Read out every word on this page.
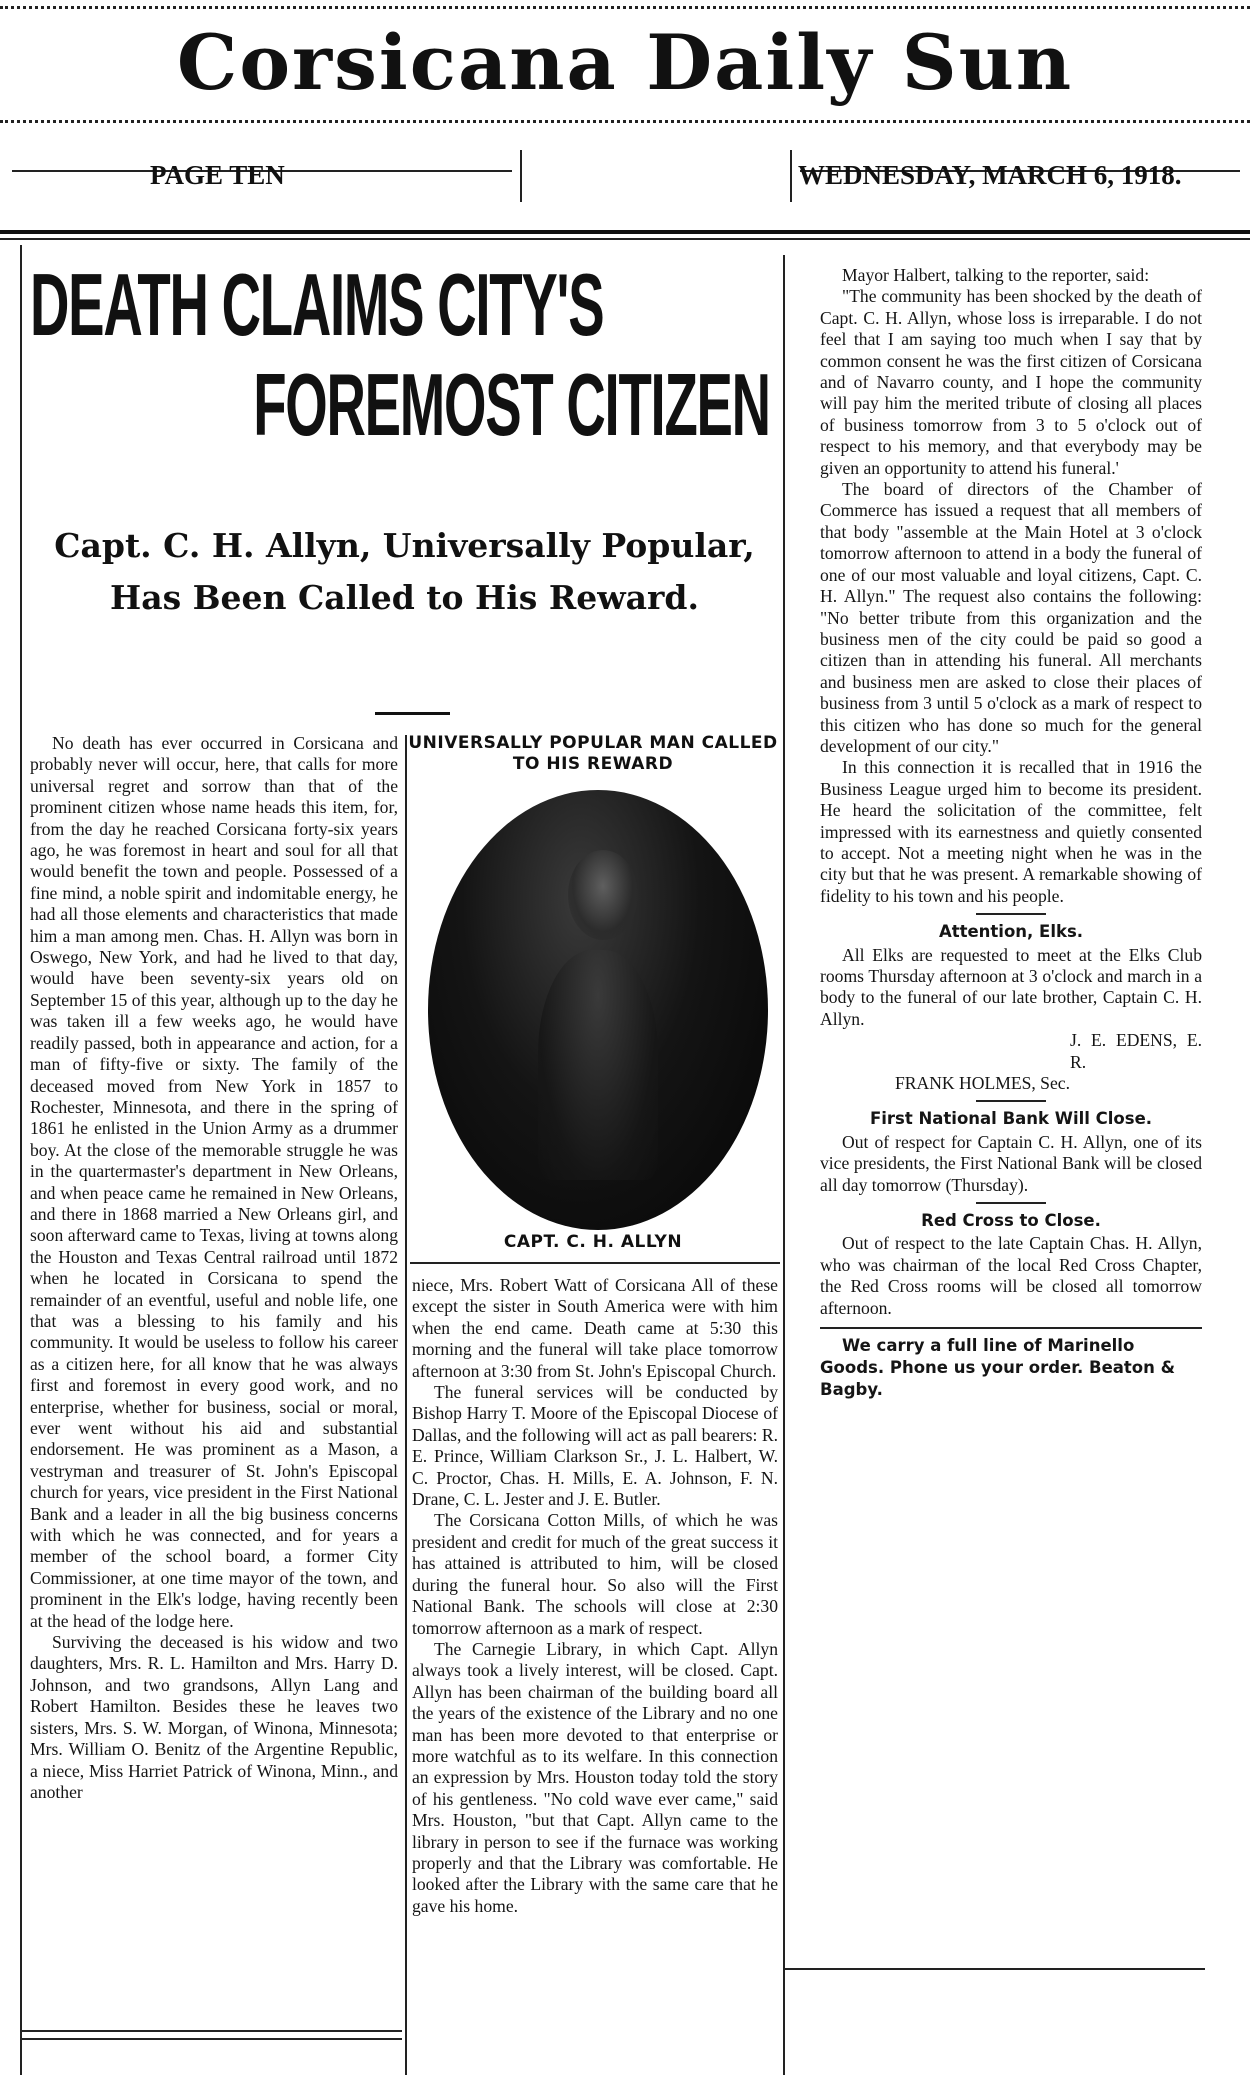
Corsicana Daily Sun
PAGE TEN	WEDNESDAY, MARCH 6, 1918.
DEATH CLAIMS CITY'S
FOREMOST CITIZEN
Capt. C. H. Allyn, Universally Popular, Has Been Called to His Reward.
UNIVERSALLY POPULAR MAN CALLED TO HIS REWARD
CAPT. C. H. ALLYN

No death has ever occurred in Corsicana and probably never will occur, here, that calls for more universal regret and sorrow than that of the prominent citizen whose name heads this item, for, from the day he reached Corsicana forty-six years ago, he was foremost in heart and soul for all that would benefit the town and people. Possessed of a fine mind, a noble spirit and indomitable energy, he had all those elements and characteristics that made him a man among men. Chas. H. Allyn was born in Oswego, New York, and had he lived to that day, would have been seventy-six years old on September 15 of this year, although up to the day he was taken ill a few weeks ago, he would have readily passed, both in appearance and action, for a man of fifty-five or sixty. The family of the deceased moved from New York in 1857 to Rochester, Minnesota, and there in the spring of 1861 he enlisted in the Union Army as a drummer boy. At the close of the memorable struggle he was in the quartermaster's department in New Orleans, and when peace came he remained in New Orleans, and there in 1868 married a New Orleans girl, and soon afterward came to Texas, living at towns along the Houston and Texas Central railroad until 1872 when he located in Corsicana to spend the remainder of an eventful, useful and noble life, one that was a blessing to his family and his community. It would be useless to follow his career as a citizen here, for all know that he was always first and foremost in every good work, and no enterprise, whether for business, social or moral, ever went without his aid and substantial endorsement. He was prominent as a Mason, a vestryman and treasurer of St. John's Episcopal church for years, vice president in the First National Bank and a leader in all the big business concerns with which he was connected, and for years a member of the school board, a former City Commissioner, at one time mayor of the town, and prominent in the Elk's lodge, having recently been at the head of the lodge here.

Surviving the deceased is his widow and two daughters, Mrs. R. L. Hamilton and Mrs. Harry D. Johnson, and two grandsons, Allyn Lang and Robert Hamilton. Besides these he leaves two sisters, Mrs. S. W. Morgan, of Winona, Minnesota; Mrs. William O. Benitz of the Argentine Republic, a niece, Miss Harriet Patrick of Winona, Minn., and another

niece, Mrs. Robert Watt of Corsicana All of these except the sister in South America were with him when the end came. Death came at 5:30 this morning and the funeral will take place tomorrow afternoon at 3:30 from St. John's Episcopal Church.

The funeral services will be conducted by Bishop Harry T. Moore of the Episcopal Diocese of Dallas, and the following will act as pall bearers: R. E. Prince, William Clarkson Sr., J. L. Halbert, W. C. Proctor, Chas. H. Mills, E. A. Johnson, F. N. Drane, C. L. Jester and J. E. Butler.

The Corsicana Cotton Mills, of which he was president and credit for much of the great success it has attained is attributed to him, will be closed during the funeral hour. So also will the First National Bank. The schools will close at 2:30 tomorrow afternoon as a mark of respect.

The Carnegie Library, in which Capt. Allyn always took a lively interest, will be closed. Capt. Allyn has been chairman of the building board all the years of the existence of the Library and no one man has been more devoted to that enterprise or more watchful as to its welfare. In this connection an expression by Mrs. Houston today told the story of his gentleness. "No cold wave ever came," said Mrs. Houston, "but that Capt. Allyn came to the library in person to see if the furnace was working properly and that the Library was comfortable. He looked after the Library with the same care that he gave his home.

Mayor Halbert, talking to the reporter, said:

"The community has been shocked by the death of Capt. C. H. Allyn, whose loss is irreparable. I do not feel that I am saying too much when I say that by common consent he was the first citizen of Corsicana and of Navarro county, and I hope the community will pay him the merited tribute of closing all places of business tomorrow from 3 to 5 o'clock out of respect to his memory, and that everybody may be given an opportunity to attend his funeral.'

The board of directors of the Chamber of Commerce has issued a request that all members of that body "assemble at the Main Hotel at 3 o'clock tomorrow afternoon to attend in a body the funeral of one of our most valuable and loyal citizens, Capt. C. H. Allyn." The request also contains the following: "No better tribute from this organization and the business men of the city could be paid so good a citizen than in attending his funeral. All merchants and business men are asked to close their places of business from 3 until 5 o'clock as a mark of respect to this citizen who has done so much for the general development of our city."

In this connection it is recalled that in 1916 the Business League urged him to become its president. He heard the solicitation of the committee, felt impressed with its earnestness and quietly consented to accept. Not a meeting night when he was in the city but that he was present. A remarkable showing of fidelity to his town and his people.

Attention, Elks.

All Elks are requested to meet at the Elks Club rooms Thursday afternoon at 3 o'clock and march in a body to the funeral of our late brother, Captain C. H. Allyn.

J. E. EDENS, E. R.

FRANK HOLMES, Sec.

First National Bank Will Close.

Out of respect for Captain C. H. Allyn, one of its vice presidents, the First National Bank will be closed all day tomorrow (Thursday).

Red Cross to Close.

Out of respect to the late Captain Chas. H. Allyn, who was chairman of the local Red Cross Chapter, the Red Cross rooms will be closed all tomorrow afternoon.

We carry a full line of Marinello Goods. Phone us your order. Beaton & Bagby.
